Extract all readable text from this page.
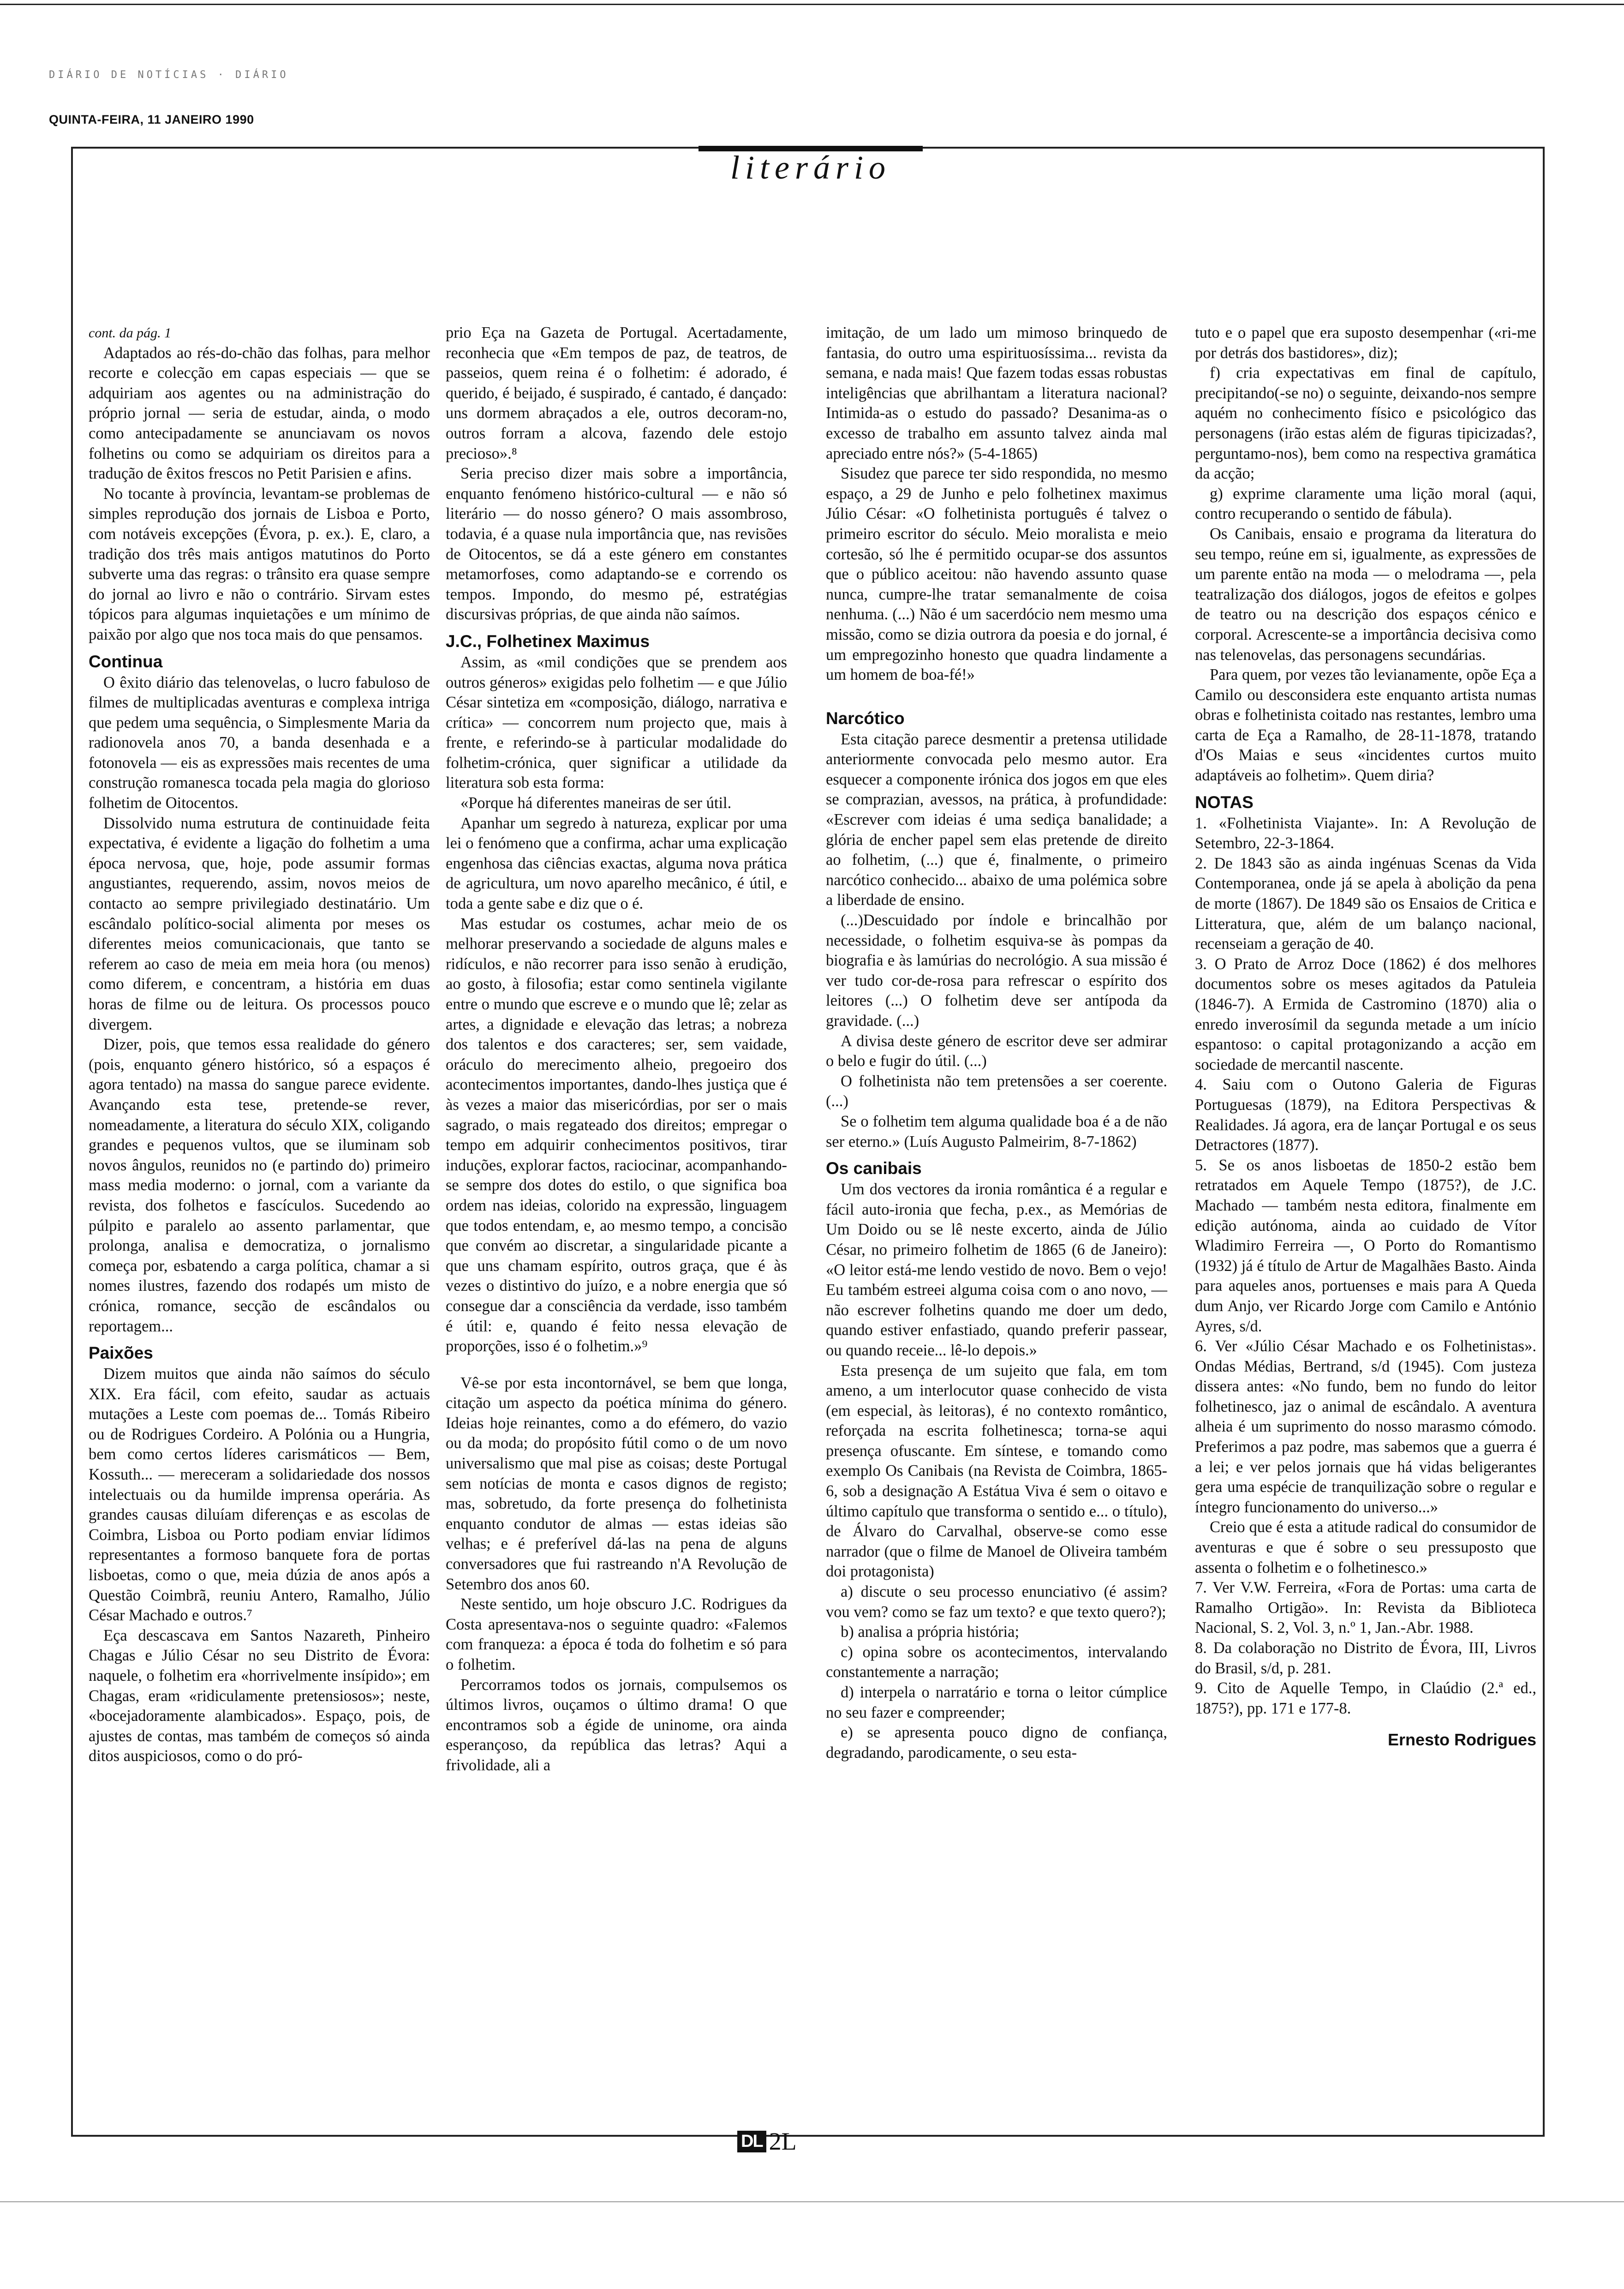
DIÁRIO DE NOTÍCIAS · DIÁRIO
QUINTA-FEIRA, 11 JANEIRO 1990
literário

cont. da pág. 1

Adaptados ao rés-do-chão das folhas, para melhor recorte e colecção em capas especiais — que se adquiriam aos agentes ou na administração do próprio jornal — seria de estudar, ainda, o modo como antecipadamente se anunciavam os novos folhetins ou como se adquiriam os direitos para a tradução de êxitos frescos no Petit Parisien e afins.

No tocante à província, levantam-se problemas de simples reprodução dos jornais de Lisboa e Porto, com notáveis excepções (Évora, p. ex.). E, claro, a tradição dos três mais antigos matutinos do Porto subverte uma das regras: o trânsito era quase sempre do jornal ao livro e não o contrário. Sirvam estes tópicos para algumas inquietações e um mínimo de paixão por algo que nos toca mais do que pensamos.

Continua

O êxito diário das telenovelas, o lucro fabuloso de filmes de multiplicadas aventuras e complexa intriga que pedem uma sequência, o Simplesmente Maria da radionovela anos 70, a banda desenhada e a fotonovela — eis as expressões mais recentes de uma construção romanesca tocada pela magia do glorioso folhetim de Oitocentos.

Dissolvido numa estrutura de continuidade feita expectativa, é evidente a ligação do folhetim a uma época nervosa, que, hoje, pode assumir formas angustiantes, requerendo, assim, novos meios de contacto ao sempre privilegiado destinatário. Um escândalo político-social alimenta por meses os diferentes meios comunicacionais, que tanto se referem ao caso de meia em meia hora (ou menos) como diferem, e concentram, a história em duas horas de filme ou de leitura. Os processos pouco divergem.

Dizer, pois, que temos essa realidade do género (pois, enquanto género histórico, só a espaços é agora tentado) na massa do sangue parece evidente. Avançando esta tese, pretende-se rever, nomeadamente, a literatura do século XIX, coligando grandes e pequenos vultos, que se iluminam sob novos ângulos, reunidos no (e partindo do) primeiro mass media moderno: o jornal, com a variante da revista, dos folhetos e fascículos. Sucedendo ao púlpito e paralelo ao assento parlamentar, que prolonga, analisa e democratiza, o jornalismo começa por, esbatendo a carga política, chamar a si nomes ilustres, fazendo dos rodapés um misto de crónica, romance, secção de escândalos ou reportagem...

Paixões

Dizem muitos que ainda não saímos do século XIX. Era fácil, com efeito, saudar as actuais mutações a Leste com poemas de... Tomás Ribeiro ou de Rodrigues Cordeiro. A Polónia ou a Hungria, bem como certos líderes carismáticos — Bem, Kossuth... — mereceram a solidariedade dos nossos intelectuais ou da humilde imprensa operária. As grandes causas diluíam diferenças e as escolas de Coimbra, Lisboa ou Porto podiam enviar lídimos representantes a formoso banquete fora de portas lisboetas, como o que, meia dúzia de anos após a Questão Coimbrã, reuniu Antero, Ramalho, Júlio César Machado e outros.⁷

Eça descascava em Santos Nazareth, Pinheiro Chagas e Júlio César no seu Distrito de Évora: naquele, o folhetim era «horrivelmente insípido»; em Chagas, eram «ridiculamente pretensiosos»; neste, «bocejadoramente alambicados». Espaço, pois, de ajustes de contas, mas também de começos só ainda ditos auspiciosos, como o do pró-

prio Eça na Gazeta de Portugal. Acertadamente, reconhecia que «Em tempos de paz, de teatros, de passeios, quem reina é o folhetim: é adorado, é querido, é beijado, é suspirado, é cantado, é dançado: uns dormem abraçados a ele, outros decoram-no, outros forram a alcova, fazendo dele estojo precioso».⁸

Seria preciso dizer mais sobre a importância, enquanto fenómeno histórico-cultural — e não só literário — do nosso género? O mais assombroso, todavia, é a quase nula importância que, nas revisões de Oitocentos, se dá a este género em constantes metamorfoses, como adaptando-se e correndo os tempos. Impondo, do mesmo pé, estratégias discursivas próprias, de que ainda não saímos.

J.C., Folhetinex Maximus

Assim, as «mil condições que se prendem aos outros géneros» exigidas pelo folhetim — e que Júlio César sintetiza em «composição, diálogo, narrativa e crítica» — concorrem num projecto que, mais à frente, e referindo-se à particular modalidade do folhetim-crónica, quer significar a utilidade da literatura sob esta forma:

«Porque há diferentes maneiras de ser útil.

Apanhar um segredo à natureza, explicar por uma lei o fenómeno que a confirma, achar uma explicação engenhosa das ciências exactas, alguma nova prática de agricultura, um novo aparelho mecânico, é útil, e toda a gente sabe e diz que o é.

Mas estudar os costumes, achar meio de os melhorar preservando a sociedade de alguns males e ridículos, e não recorrer para isso senão à erudição, ao gosto, à filosofia; estar como sentinela vigilante entre o mundo que escreve e o mundo que lê; zelar as artes, a dignidade e elevação das letras; a nobreza dos talentos e dos caracteres; ser, sem vaidade, oráculo do merecimento alheio, pregoeiro dos acontecimentos importantes, dando-lhes justiça que é às vezes a maior das misericórdias, por ser o mais sagrado, o mais regateado dos direitos; empregar o tempo em adquirir conhecimentos positivos, tirar induções, explorar factos, raciocinar, acompanhando-se sempre dos dotes do estilo, o que significa boa ordem nas ideias, colorido na expressão, linguagem que todos entendam, e, ao mesmo tempo, a concisão que convém ao discretar, a singularidade picante a que uns chamam espírito, outros graça, que é às vezes o distintivo do juízo, e a nobre energia que só consegue dar a consciência da verdade, isso também é útil: e, quando é feito nessa elevação de proporções, isso é o folhetim.»⁹

Vê-se por esta incontornável, se bem que longa, citação um aspecto da poética mínima do género. Ideias hoje reinantes, como a do efémero, do vazio ou da moda; do propósito fútil como o de um novo universalismo que mal pise as coisas; deste Portugal sem notícias de monta e casos dignos de registo; mas, sobretudo, da forte presença do folhetinista enquanto condutor de almas — estas ideias são velhas; e é preferível dá-las na pena de alguns conversadores que fui rastreando n'A Revolução de Setembro dos anos 60.

Neste sentido, um hoje obscuro J.C. Rodrigues da Costa apresentava-nos o seguinte quadro: «Falemos com franqueza: a época é toda do folhetim e só para o folhetim.

Percorramos todos os jornais, compulsemos os últimos livros, ouçamos o último drama! O que encontramos sob a égide de uninome, ora ainda esperançoso, da república das letras? Aqui a frivolidade, ali a

imitação, de um lado um mimoso brinquedo de fantasia, do outro uma espirituosíssima... revista da semana, e nada mais! Que fazem todas essas robustas inteligências que abrilhantam a literatura nacional? Intimida-as o estudo do passado? Desanima-as o excesso de trabalho em assunto talvez ainda mal apreciado entre nós?» (5-4-1865)

Sisudez que parece ter sido respondida, no mesmo espaço, a 29 de Junho e pelo folhetinex maximus Júlio César: «O folhetinista português é talvez o primeiro escritor do século. Meio moralista e meio cortesão, só lhe é permitido ocupar-se dos assuntos que o público aceitou: não havendo assunto quase nunca, cumpre-lhe tratar semanalmente de coisa nenhuma. (...) Não é um sacerdócio nem mesmo uma missão, como se dizia outrora da poesia e do jornal, é um empregozinho honesto que quadra lindamente a um homem de boa-fé!»

Narcótico

Esta citação parece desmentir a pretensa utilidade anteriormente convocada pelo mesmo autor. Era esquecer a componente irónica dos jogos em que eles se comprazian, avessos, na prática, à profundidade: «Escrever com ideias é uma sediça banalidade; a glória de encher papel sem elas pretende de direito ao folhetim, (...) que é, finalmente, o primeiro narcótico conhecido... abaixo de uma polémica sobre a liberdade de ensino.

(...)Descuidado por índole e brincalhão por necessidade, o folhetim esquiva-se às pompas da biografia e às lamúrias do necrológio. A sua missão é ver tudo cor-de-rosa para refrescar o espírito dos leitores (...) O folhetim deve ser antípoda da gravidade. (...)

A divisa deste género de escritor deve ser admirar o belo e fugir do útil. (...)

O folhetinista não tem pretensões a ser coerente. (...)

Se o folhetim tem alguma qualidade boa é a de não ser eterno.» (Luís Augusto Palmeirim, 8-7-1862)

Os canibais

Um dos vectores da ironia romântica é a regular e fácil auto-ironia que fecha, p.ex., as Memórias de Um Doido ou se lê neste excerto, ainda de Júlio César, no primeiro folhetim de 1865 (6 de Janeiro): «O leitor está-me lendo vestido de novo. Bem o vejo! Eu também estreei alguma coisa com o ano novo, — não escrever folhetins quando me doer um dedo, quando estiver enfastiado, quando preferir passear, ou quando receie... lê-lo depois.»

Esta presença de um sujeito que fala, em tom ameno, a um interlocutor quase conhecido de vista (em especial, às leitoras), é no contexto romântico, reforçada na escrita folhetinesca; torna-se aqui presença ofuscante. Em síntese, e tomando como exemplo Os Canibais (na Revista de Coimbra, 1865-6, sob a designação A Estátua Viva é sem o oitavo e último capítulo que transforma o sentido e... o título), de Álvaro do Carvalhal, observe-se como esse narrador (que o filme de Manoel de Oliveira também doi protagonista)

a) discute o seu processo enunciativo (é assim? vou vem? como se faz um texto? e que texto quero?);

b) analisa a própria história;

c) opina sobre os acontecimentos, intervalando constantemente a narração;

d) interpela o narratário e torna o leitor cúmplice no seu fazer e compreender;

e) se apresenta pouco digno de confiança, degradando, parodicamente, o seu esta-

tuto e o papel que era suposto desempenhar («ri-me por detrás dos bastidores», diz);

f) cria expectativas em final de capítulo, precipitando(-se no) o seguinte, deixando-nos sempre aquém no conhecimento físico e psicológico das personagens (irão estas além de figuras tipicizadas?, perguntamo-nos), bem como na respectiva gramática da acção;

g) exprime claramente uma lição moral (aqui, contro recuperando o sentido de fábula).

Os Canibais, ensaio e programa da literatura do seu tempo, reúne em si, igualmente, as expressões de um parente então na moda — o melodrama —, pela teatralização dos diálogos, jogos de efeitos e golpes de teatro ou na descrição dos espaços cénico e corporal. Acrescente-se a importância decisiva como nas telenovelas, das personagens secundárias.

Para quem, por vezes tão levianamente, opõe Eça a Camilo ou desconsidera este enquanto artista numas obras e folhetinista coitado nas restantes, lembro uma carta de Eça a Ramalho, de 28-11-1878, tratando d'Os Maias e seus «incidentes curtos muito adaptáveis ao folhetim». Quem diria?

NOTAS

1. «Folhetinista Viajante». In: A Revolução de Setembro, 22-3-1864.

2. De 1843 são as ainda ingénuas Scenas da Vida Contemporanea, onde já se apela à abolição da pena de morte (1867). De 1849 são os Ensaios de Critica e Litteratura, que, além de um balanço nacional, recenseiam a geração de 40.

3. O Prato de Arroz Doce (1862) é dos melhores documentos sobre os meses agitados da Patuleia (1846-7). A Ermida de Castromino (1870) alia o enredo inverosímil da segunda metade a um início espantoso: o capital protagonizando a acção em sociedade de mercantil nascente.

4. Saiu com o Outono Galeria de Figuras Portuguesas (1879), na Editora Perspectivas & Realidades. Já agora, era de lançar Portugal e os seus Detractores (1877).

5. Se os anos lisboetas de 1850-2 estão bem retratados em Aquele Tempo (1875?), de J.C. Machado — também nesta editora, finalmente em edição autónoma, ainda ao cuidado de Vítor Wladimiro Ferreira —, O Porto do Romantismo (1932) já é título de Artur de Magalhães Basto. Ainda para aqueles anos, portuenses e mais para A Queda dum Anjo, ver Ricardo Jorge com Camilo e António Ayres, s/d.

6. Ver «Júlio César Machado e os Folhetinistas». Ondas Médias, Bertrand, s/d (1945). Com justeza dissera antes: «No fundo, bem no fundo do leitor folhetinesco, jaz o animal de escândalo. A aventura alheia é um suprimento do nosso marasmo cómodo. Preferimos a paz podre, mas sabemos que a guerra é a lei; e ver pelos jornais que há vidas beligerantes gera uma espécie de tranquilização sobre o regular e íntegro funcionamento do universo...»

Creio que é esta a atitude radical do consumidor de aventuras e que é sobre o seu pressuposto que assenta o folhetim e o folhetinesco.»

7. Ver V.W. Ferreira, «Fora de Portas: uma carta de Ramalho Ortigão». In: Revista da Biblioteca Nacional, S. 2, Vol. 3, n.º 1, Jan.-Abr. 1988.

8. Da colaboração no Distrito de Évora, III, Livros do Brasil, s/d, p. 281.

9. Cito de Aquelle Tempo, in Claúdio (2.ª ed., 1875?), pp. 171 e 177-8.

Ernesto Rodrigues
DL 2L
